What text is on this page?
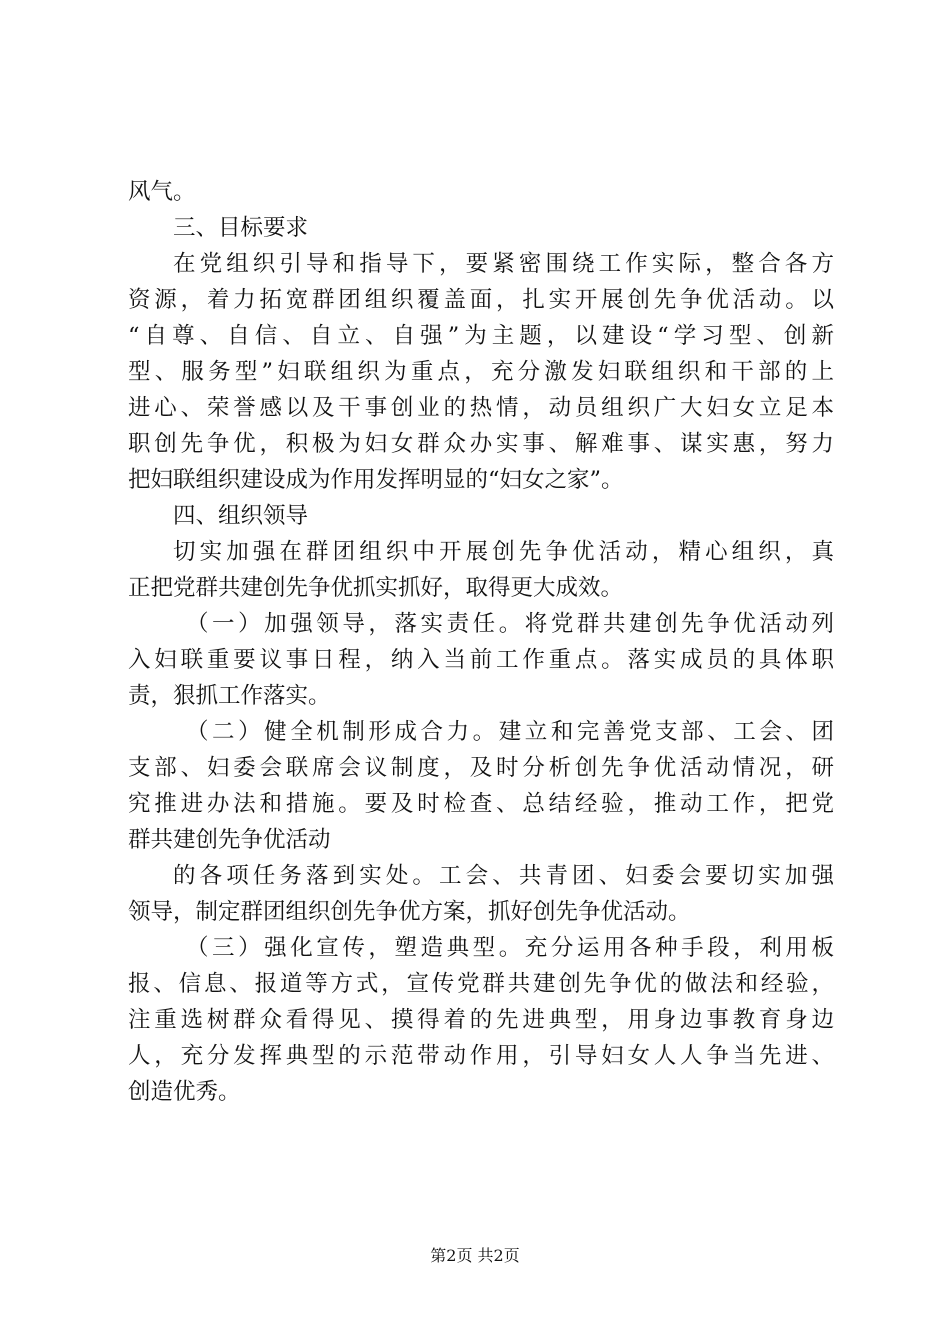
风气。
三、目标要求
在党组织引导和指导下，要紧密围绕工作实际，整合各方
资源，着力拓宽群团组织覆盖面，扎实开展创先争优活动。以
“自尊、自信、自立、自强”为主题，以建设“学习型、创新
型、服务型”妇联组织为重点，充分激发妇联组织和干部的上
进心、荣誉感以及干事创业的热情，动员组织广大妇女立足本
职创先争优，积极为妇女群众办实事、解难事、谋实惠，努力
把妇联组织建设成为作用发挥明显的“妇女之家”。
四、组织领导
切实加强在群团组织中开展创先争优活动，精心组织，真
正把党群共建创先争优抓实抓好，取得更大成效。
（一）加强领导，落实责任。将党群共建创先争优活动列
入妇联重要议事日程，纳入当前工作重点。落实成员的具体职
责，狠抓工作落实。
（二）健全机制形成合力。建立和完善党支部、工会、团
支部、妇委会联席会议制度，及时分析创先争优活动情况，研
究推进办法和措施。要及时检查、总结经验，推动工作，把党
群共建创先争优活动
的各项任务落到实处。工会、共青团、妇委会要切实加强
领导，制定群团组织创先争优方案，抓好创先争优活动。
（三）强化宣传，塑造典型。充分运用各种手段，利用板
报、信息、报道等方式，宣传党群共建创先争优的做法和经验，
注重选树群众看得见、摸得着的先进典型，用身边事教育身边
人，充分发挥典型的示范带动作用，引导妇女人人争当先进、
创造优秀。
第2页 共2页
